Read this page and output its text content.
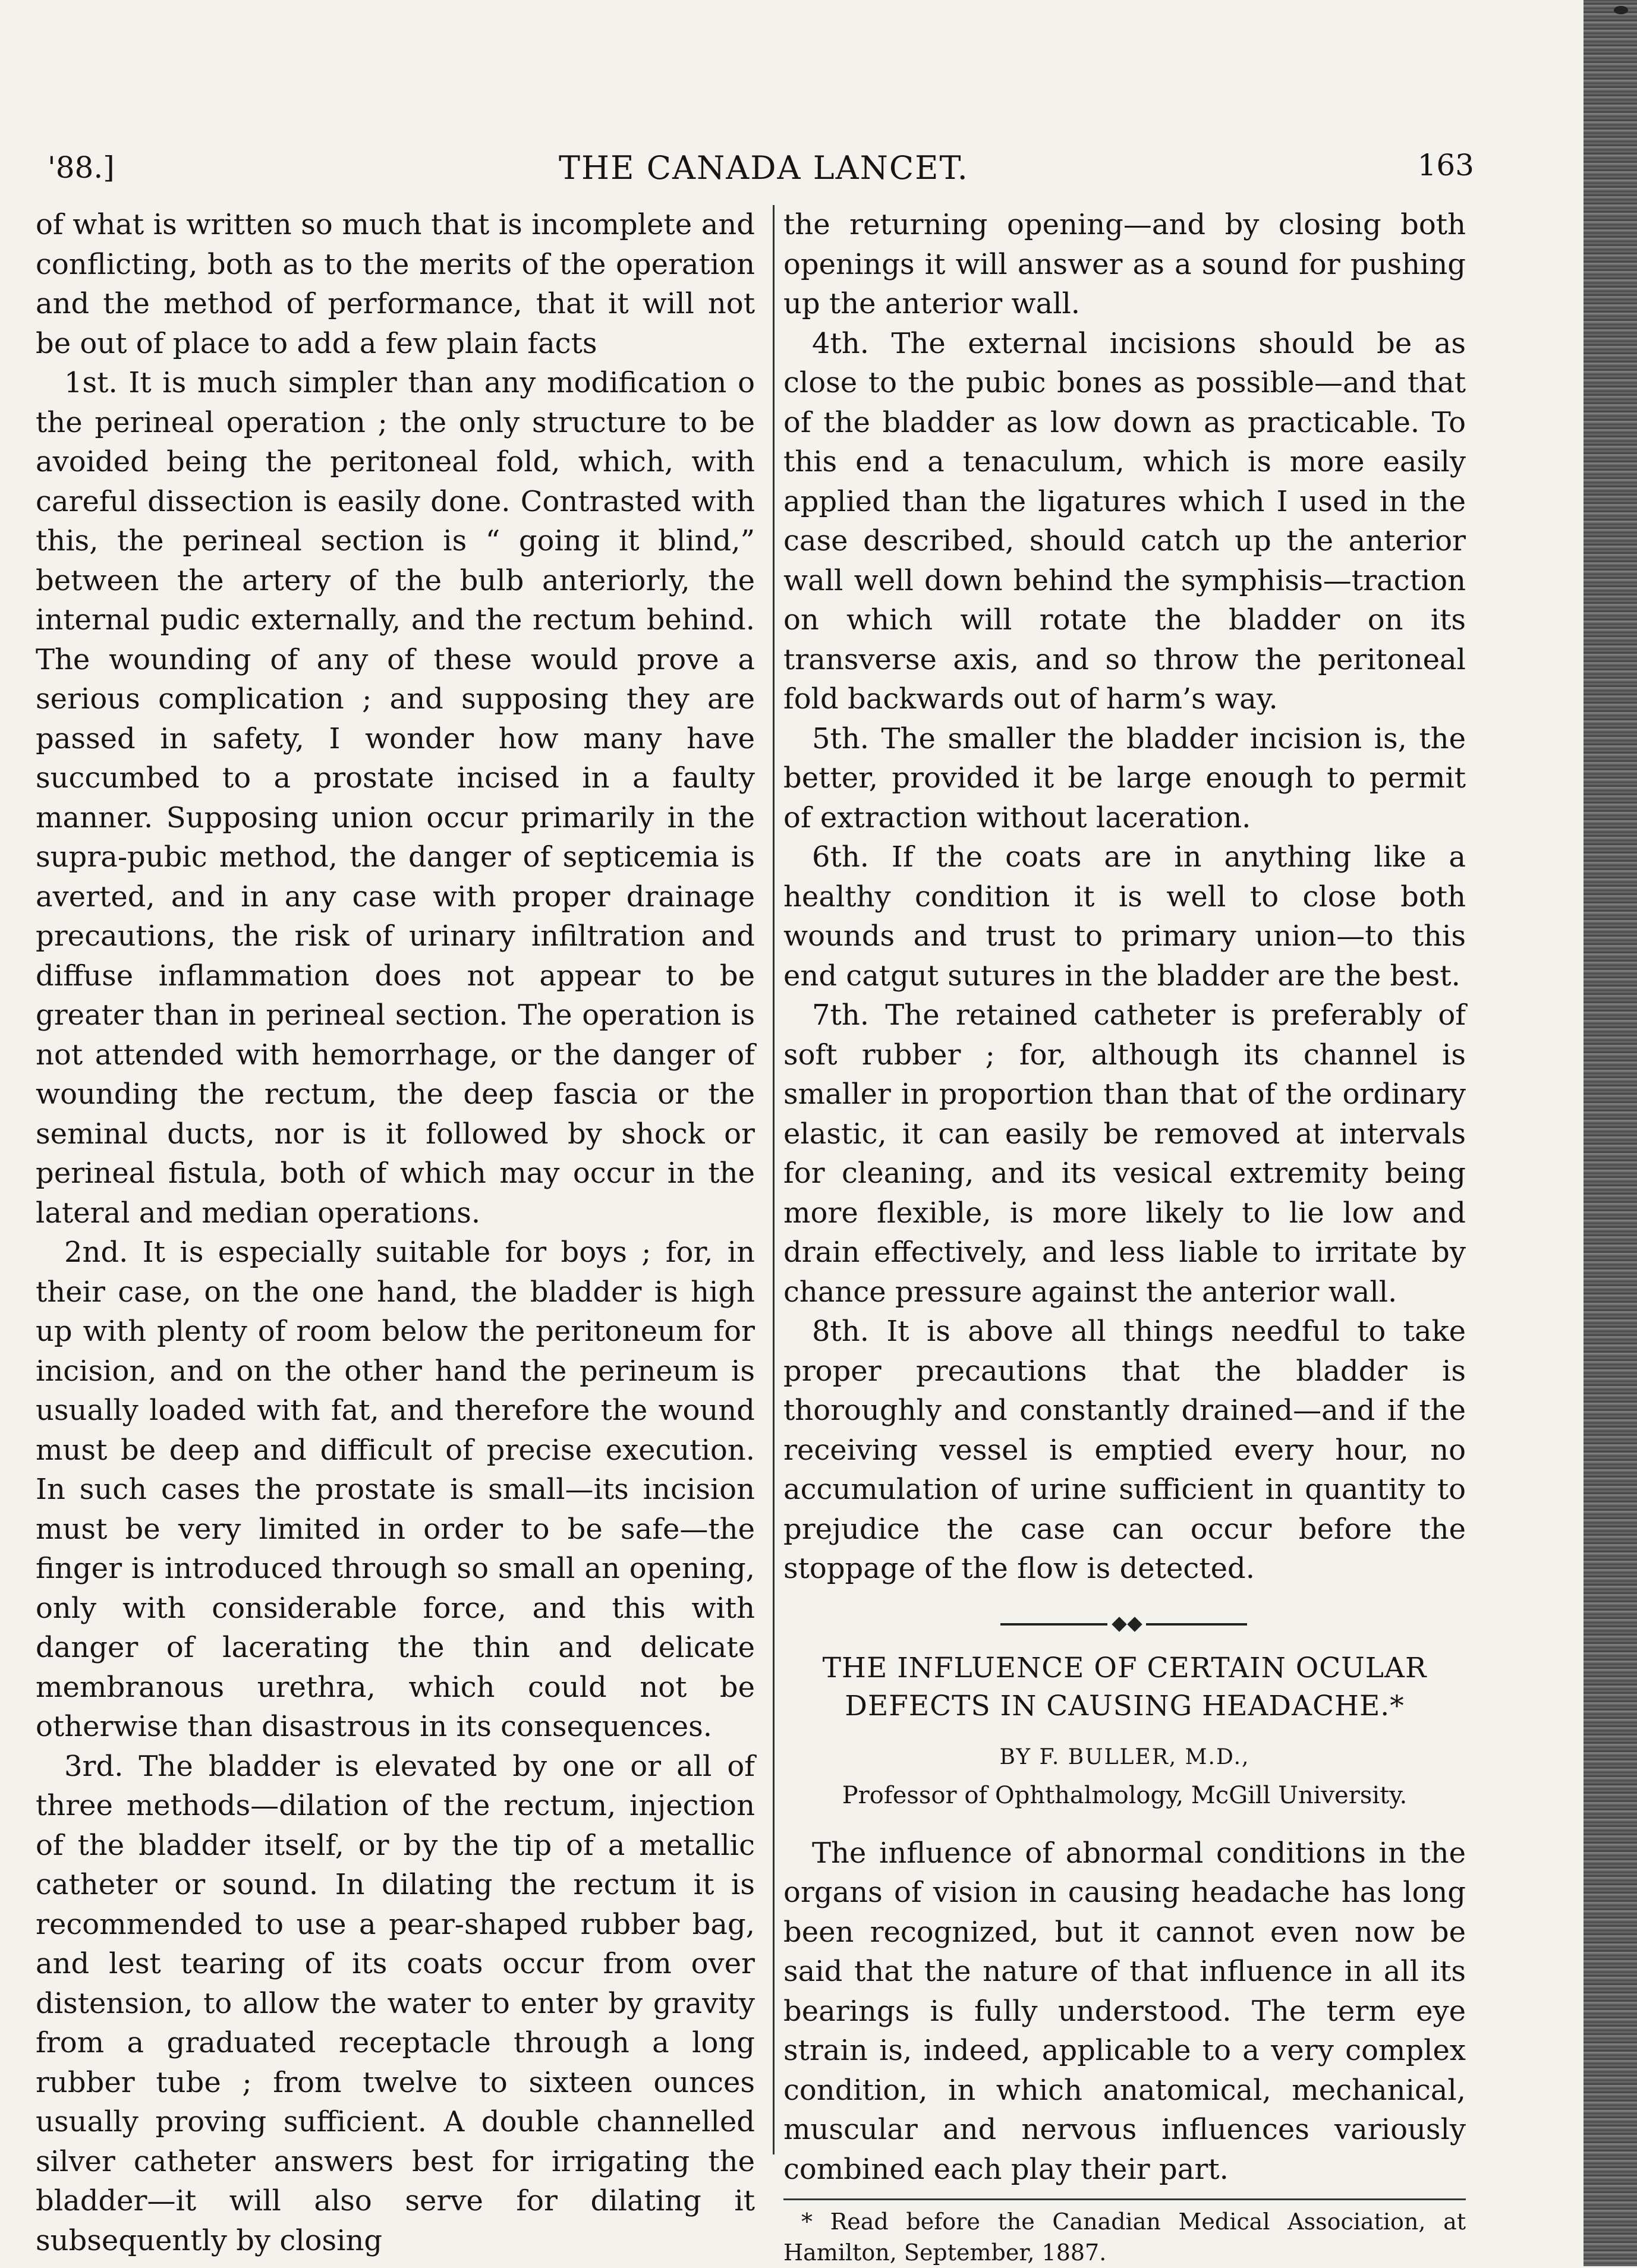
'88.]	THE CANADA LANCET.	163

of what is written so much that is incomplete and conflicting, both as to the merits of the operation and the method of performance, that it will not be out of place to add a few plain facts

1st. It is much simpler than any modification o the perineal operation ; the only structure to be avoided being the peritoneal fold, which, with careful dissection is easily done. Contrasted with this, the perineal section is “ going it blind,” between the artery of the bulb anteriorly, the internal pudic externally, and the rectum behind. The wounding of any of these would prove a serious complication ; and supposing they are passed in safety, I wonder how many have succumbed to a prostate incised in a faulty manner. Supposing union occur primarily in the supra-pubic method, the danger of septicemia is averted, and in any case with proper drainage precautions, the risk of urinary infiltration and diffuse inflammation does not appear to be greater than in perineal section. The operation is not attended with hemorrhage, or the danger of wounding the rectum, the deep fascia or the seminal ducts, nor is it followed by shock or perineal fistula, both of which may occur in the lateral and median operations.

2nd. It is especially suitable for boys ; for, in their case, on the one hand, the bladder is high up with plenty of room below the peritoneum for incision, and on the other hand the perineum is usually loaded with fat, and therefore the wound must be deep and difficult of precise execution. In such cases the prostate is small—its incision must be very limited in order to be safe—the finger is introduced through so small an opening, only with considerable force, and this with danger of lacerating the thin and delicate membranous urethra, which could not be otherwise than disastrous in its consequences.

3rd. The bladder is elevated by one or all of three methods—dilation of the rectum, injection of the bladder itself, or by the tip of a metallic catheter or sound. In dilating the rectum it is recommended to use a pear-shaped rubber bag, and lest tearing of its coats occur from over distension, to allow the water to enter by gravity from a graduated receptacle through a long rubber tube ; from twelve to sixteen ounces usually proving sufficient. A double channelled silver catheter answers best for irrigating the bladder—it will also serve for dilating it subsequently by closing

the returning opening—and by closing both openings it will answer as a sound for pushing up the anterior wall.

4th. The external incisions should be as close to the pubic bones as possible—and that of the bladder as low down as practicable. To this end a tenaculum, which is more easily applied than the ligatures which I used in the case described, should catch up the anterior wall well down behind the symphisis—traction on which will rotate the bladder on its transverse axis, and so throw the peritoneal fold backwards out of harm’s way.

5th. The smaller the bladder incision is, the better, provided it be large enough to permit of extraction without laceration.

6th. If the coats are in anything like a healthy condition it is well to close both wounds and trust to primary union—to this end catgut sutures in the bladder are the best.

7th. The retained catheter is preferably of soft rubber ; for, although its channel is smaller in proportion than that of the ordinary elastic, it can easily be removed at intervals for cleaning, and its vesical extremity being more flexible, is more likely to lie low and drain effectively, and less liable to irritate by chance pressure against the anterior wall.

8th. It is above all things needful to take proper precautions that the bladder is thoroughly and constantly drained—and if the receiving vessel is emptied every hour, no accumulation of urine sufficient in quantity to prejudice the case can occur before the stoppage of the flow is detected.

THE INFLUENCE OF CERTAIN OCULAR
DEFECTS IN CAUSING HEADACHE.*
BY F. BULLER, M.D.,
Professor of Ophthalmology, McGill University.

The influence of abnormal conditions in the organs of vision in causing headache has long been recognized, but it cannot even now be said that the nature of that influence in all its bearings is fully understood. The term eye strain is, indeed, applicable to a very complex condition, in which anatomical, mechanical, muscular and nervous influences variously combined each play their part.

* Read before the Canadian Medical Association, at Hamilton, September, 1887.
